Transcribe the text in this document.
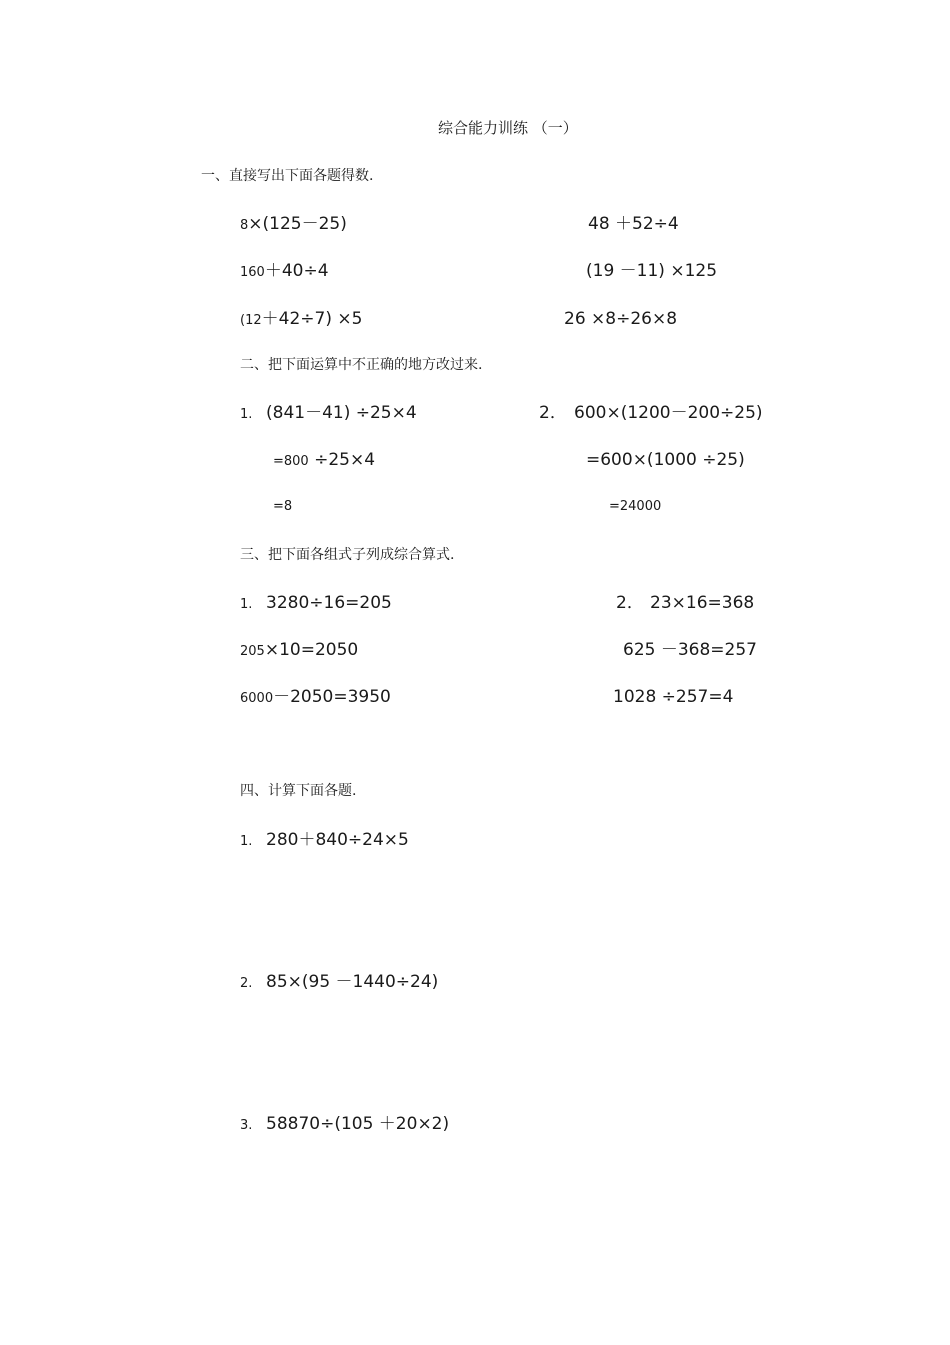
综合能力训练 （一）
一、直接写出下面各题得数.
8×(125－25)	48 ＋52÷4
160＋40÷4	(19 －11) ×125
(12＋42÷7) ×5	26 ×8÷26×8
二、把下面运算中不正确的地方改过来.
1. (841－41) ÷25×4
=800 ÷25×4
=8
2． 600×(1200－200÷25)
=600×(1000 ÷25)
=24000
三、把下面各组式子列成综合算式.
1. 3280÷16=205
205×10=2050
6000－2050=3950
2． 23×16=368
625 －368=257
1028 ÷257=4
四、计算下面各题.
1. 280＋840÷24×5
2. 85×(95 －1440÷24)
3. 58870÷(105 ＋20×2)
